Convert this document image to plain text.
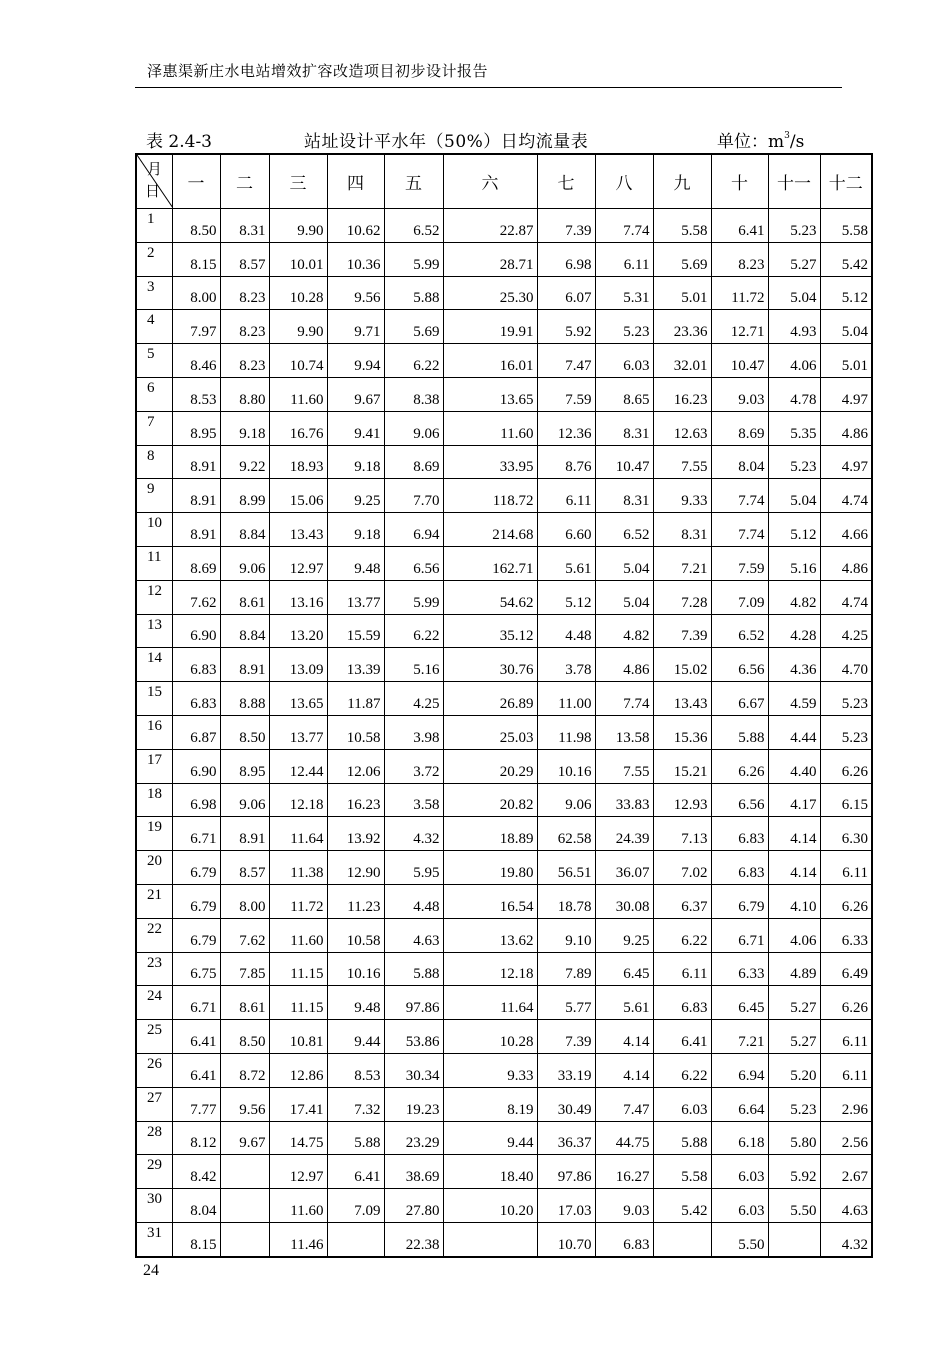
泽惠渠新庄水电站增效扩容改造项目初步设计报告
表 2.4-3	站址设计平水年（50%）日均流量表	单位：$m^3/s$
月
日	一	二	三	四	五	六	七	八	九	十	十一	十二
1	8.50	8.31	9.90	10.62	6.52	22.87	7.39	7.74	5.58	6.41	5.23	5.58
2	8.15	8.57	10.01	10.36	5.99	28.71	6.98	6.11	5.69	8.23	5.27	5.42
3	8.00	8.23	10.28	9.56	5.88	25.30	6.07	5.31	5.01	11.72	5.04	5.12
4	7.97	8.23	9.90	9.71	5.69	19.91	5.92	5.23	23.36	12.71	4.93	5.04
5	8.46	8.23	10.74	9.94	6.22	16.01	7.47	6.03	32.01	10.47	4.06	5.01
6	8.53	8.80	11.60	9.67	8.38	13.65	7.59	8.65	16.23	9.03	4.78	4.97
7	8.95	9.18	16.76	9.41	9.06	11.60	12.36	8.31	12.63	8.69	5.35	4.86
8	8.91	9.22	18.93	9.18	8.69	33.95	8.76	10.47	7.55	8.04	5.23	4.97
9	8.91	8.99	15.06	9.25	7.70	118.72	6.11	8.31	9.33	7.74	5.04	4.74
10	8.91	8.84	13.43	9.18	6.94	214.68	6.60	6.52	8.31	7.74	5.12	4.66
11	8.69	9.06	12.97	9.48	6.56	162.71	5.61	5.04	7.21	7.59	5.16	4.86
12	7.62	8.61	13.16	13.77	5.99	54.62	5.12	5.04	7.28	7.09	4.82	4.74
13	6.90	8.84	13.20	15.59	6.22	35.12	4.48	4.82	7.39	6.52	4.28	4.25
14	6.83	8.91	13.09	13.39	5.16	30.76	3.78	4.86	15.02	6.56	4.36	4.70
15	6.83	8.88	13.65	11.87	4.25	26.89	11.00	7.74	13.43	6.67	4.59	5.23
16	6.87	8.50	13.77	10.58	3.98	25.03	11.98	13.58	15.36	5.88	4.44	5.23
17	6.90	8.95	12.44	12.06	3.72	20.29	10.16	7.55	15.21	6.26	4.40	6.26
18	6.98	9.06	12.18	16.23	3.58	20.82	9.06	33.83	12.93	6.56	4.17	6.15
19	6.71	8.91	11.64	13.92	4.32	18.89	62.58	24.39	7.13	6.83	4.14	6.30
20	6.79	8.57	11.38	12.90	5.95	19.80	56.51	36.07	7.02	6.83	4.14	6.11
21	6.79	8.00	11.72	11.23	4.48	16.54	18.78	30.08	6.37	6.79	4.10	6.26
22	6.79	7.62	11.60	10.58	4.63	13.62	9.10	9.25	6.22	6.71	4.06	6.33
23	6.75	7.85	11.15	10.16	5.88	12.18	7.89	6.45	6.11	6.33	4.89	6.49
24	6.71	8.61	11.15	9.48	97.86	11.64	5.77	5.61	6.83	6.45	5.27	6.26
25	6.41	8.50	10.81	9.44	53.86	10.28	7.39	4.14	6.41	7.21	5.27	6.11
26	6.41	8.72	12.86	8.53	30.34	9.33	33.19	4.14	6.22	6.94	5.20	6.11
27	7.77	9.56	17.41	7.32	19.23	8.19	30.49	7.47	6.03	6.64	5.23	2.96
28	8.12	9.67	14.75	5.88	23.29	9.44	36.37	44.75	5.88	6.18	5.80	2.56
29	8.42		12.97	6.41	38.69	18.40	97.86	16.27	5.58	6.03	5.92	2.67
30	8.04		11.60	7.09	27.80	10.20	17.03	9.03	5.42	6.03	5.50	4.63
31	8.15		11.46		22.38		10.70	6.83		5.50		4.32
24
